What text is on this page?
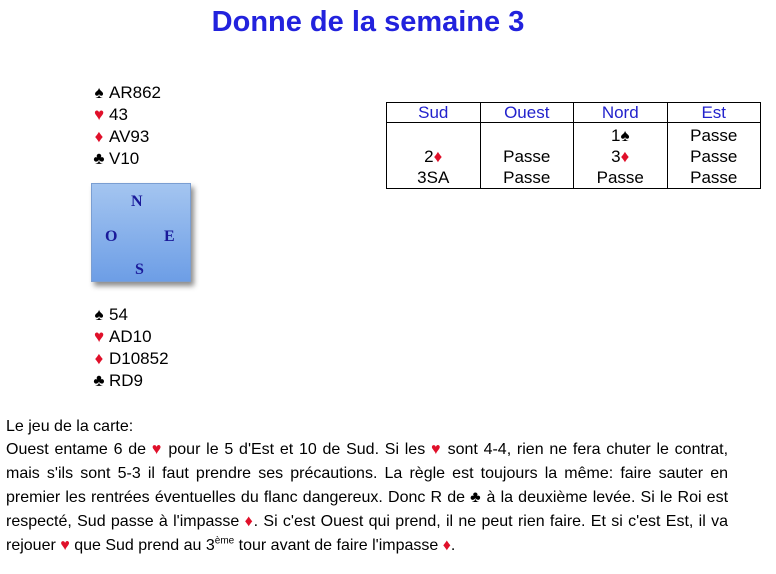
Donne de la semaine 3
♠ AR862
♥ 43
♦ AV93
♣ V10
N
O	E
S
♠ 54
♥ AD10
♦ D10852
♣ RD9
Sud	Ouest	Nord	Est
		1♠	Passe
2♦	Passe	3♦	Passe
3SA	Passe	Passe	Passe

Le jeu de la carte:

Ouest entame 6 de ♥ pour le 5 d'Est et 10 de Sud. Si les ♥ sont 4-4, rien ne fera chuter le contrat, mais s'ils sont 5-3 il faut prendre ses précautions. La règle est toujours la même: faire sauter en premier les rentrées éventuelles du flanc dangereux. Donc R de ♣ à la deuxième levée. Si le Roi est respecté, Sud passe à l'impasse ♦. Si c'est Ouest qui prend, il ne peut rien faire. Et si c'est Est, il va rejouer ♥ que Sud prend au 3ème tour avant de faire l'impasse ♦.
